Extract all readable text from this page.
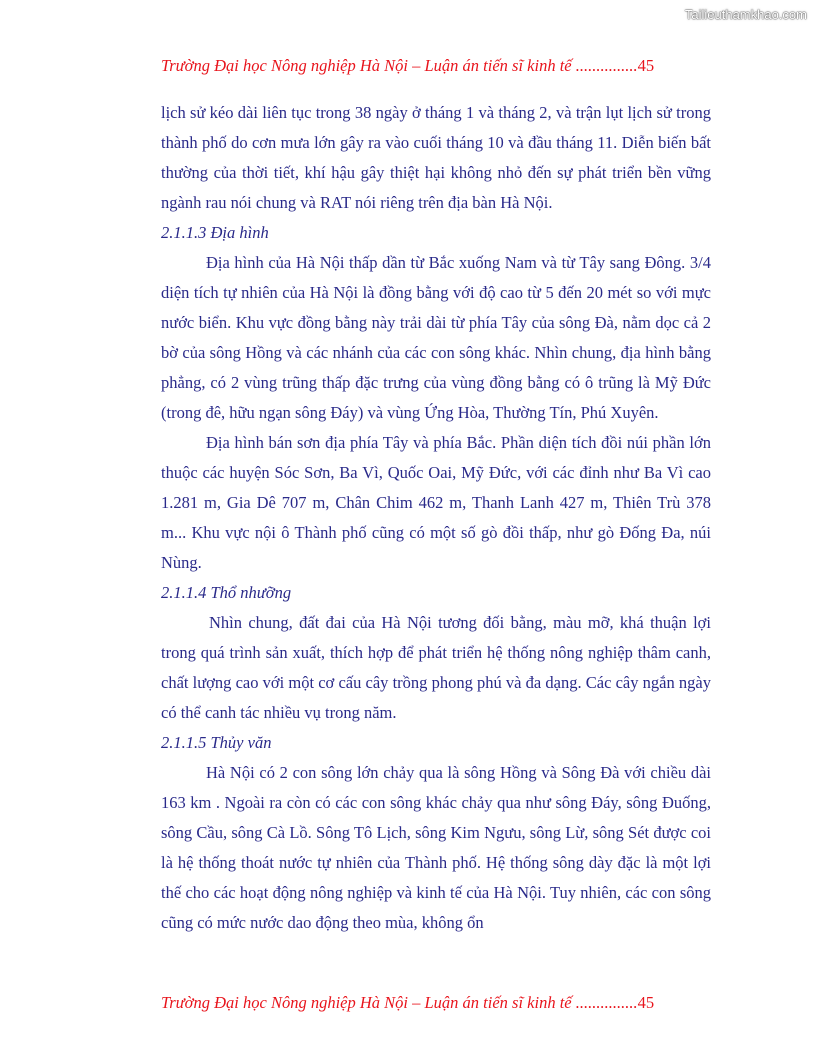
Tailieuthamkhao.com
Trường Đại học Nông nghiệp Hà Nội – Luận án tiến sĩ kinh tế ...............45

lịch sử kéo dài liên tục trong 38 ngày ở tháng 1 và tháng 2, và trận lụt lịch sử trong thành phố do cơn mưa lớn gây ra vào cuối tháng 10 và đầu tháng 11. Diễn biến bất thường của thời tiết, khí hậu gây thiệt hại không nhỏ đến sự phát triển bền vững ngành rau nói chung và RAT nói riêng trên địa bàn Hà Nội.

2.1.1.3 Địa hình

Địa hình của Hà Nội thấp dần từ Bắc xuống Nam và từ Tây sang Đông. 3/4 diện tích tự nhiên của Hà Nội là đồng bằng với độ cao từ 5 đến 20 mét so với mực nước biển. Khu vực đồng bằng này trải dài từ phía Tây của sông Đà, nằm dọc cả 2 bờ của sông Hồng và các nhánh của các con sông khác. Nhìn chung, địa hình bằng phẳng, có 2 vùng trũng thấp đặc trưng của vùng đồng bằng có ô trũng là Mỹ Đức (trong đê, hữu ngạn sông Đáy) và vùng Ứng Hòa, Thường Tín, Phú Xuyên.

Địa hình bán sơn địa phía Tây và phía Bắc. Phần diện tích đồi núi phần lớn thuộc các huyện Sóc Sơn, Ba Vì, Quốc Oai, Mỹ Đức, với các đỉnh như Ba Vì cao 1.281 m, Gia Dê 707 m, Chân Chim 462 m, Thanh Lanh 427 m, Thiên Trù 378 m... Khu vực nội ô Thành phố cũng có một số gò đồi thấp, như gò Đống Đa, núi Nùng.

2.1.1.4 Thổ nhưỡng

Nhìn chung, đất đai của Hà Nội tương đối bằng, màu mỡ, khá thuận lợi trong quá trình sản xuất, thích hợp để phát triển hệ thống nông nghiệp thâm canh, chất lượng cao với một cơ cấu cây trồng phong phú và đa dạng. Các cây ngắn ngày có thể canh tác nhiều vụ trong năm.

2.1.1.5 Thủy văn

Hà Nội có 2 con sông lớn chảy qua là sông Hồng và Sông Đà với chiều dài 163 km . Ngoài ra còn có các con sông khác chảy qua như sông Đáy, sông Đuống, sông Cầu, sông Cà Lồ. Sông Tô Lịch, sông Kim Ngưu, sông Lừ, sông Sét được coi là hệ thống thoát nước tự nhiên của Thành phố. Hệ thống sông dày đặc là một lợi thế cho các hoạt động nông nghiệp và kinh tế của Hà Nội. Tuy nhiên, các con sông cũng có mức nước dao động theo mùa, không ổn

Trường Đại học Nông nghiệp Hà Nội – Luận án tiến sĩ kinh tế ...............45
